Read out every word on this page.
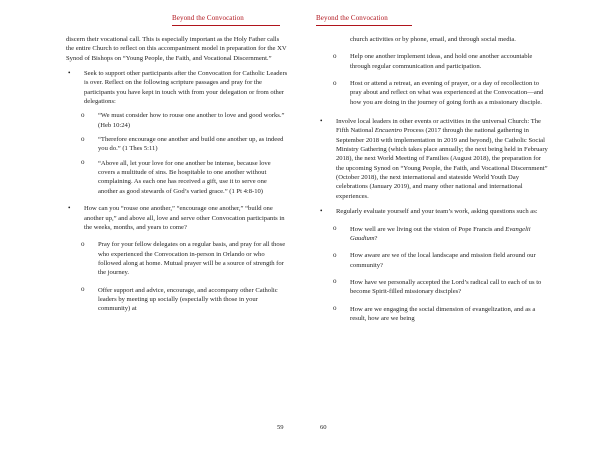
Beyond the Convocation

discern their vocational call. This is especially important as the Holy Father calls the entire Church to reflect on this accompaniment model in preparation for the XV Synod of Bishops on “Young People, the Faith, and Vocational Discernment.”

• Seek to support other participants after the Convocation for Catholic Leaders is over. Reflect on the following scripture passages and pray for the participants you have kept in touch with from your delegation or from other delegations:
o “We must consider how to rouse one another to love and good works.” (Heb 10:24)
o “Therefore encourage one another and build one another up, as indeed you do.” (1 Thes 5:11)
o “Above all, let your love for one another be intense, because love covers a multitude of sins. Be hospitable to one another without complaining. As each one has received a gift, use it to serve one another as good stewards of God’s varied grace.” (1 Pt 4:8-10)
• How can you “rouse one another,” “encourage one another,” “build one another up,” and above all, love and serve other Convocation participants in the weeks, months, and years to come?
o Pray for your fellow delegates on a regular basis, and pray for all those who experienced the Convocation in-person in Orlando or who followed along at home. Mutual prayer will be a source of strength for the journey.
o Offer support and advice, encourage, and accompany other Catholic leaders by meeting up socially (especially with those in your community) at
59
Beyond the Convocation

church activities or by phone, email, and through social media.

o Help one another implement ideas, and hold one another accountable through regular communication and participation.
o Host or attend a retreat, an evening of prayer, or a day of recollection to pray about and reflect on what was experienced at the Convocation—and how you are doing in the journey of going forth as a missionary disciple.
• Involve local leaders in other events or activities in the universal Church: The Fifth National Encuentro Process (2017 through the national gathering in September 2018 with implementation in 2019 and beyond), the Catholic Social Ministry Gathering (which takes place annually; the next being held in February 2018), the next World Meeting of Families (August 2018), the preparation for the upcoming Synod on “Young People, the Faith, and Vocational Discernment” (October 2018), the next international and stateside World Youth Day celebrations (January 2019), and many other national and international experiences.
• Regularly evaluate yourself and your team’s work, asking questions such as:
o How well are we living out the vision of Pope Francis and Evangelii Gaudium?
o How aware are we of the local landscape and mission field around our community?
o How have we personally accepted the Lord’s radical call to each of us to become Spirit-filled missionary disciples?
o How are we engaging the social dimension of evangelization, and as a result, how are we being
60
